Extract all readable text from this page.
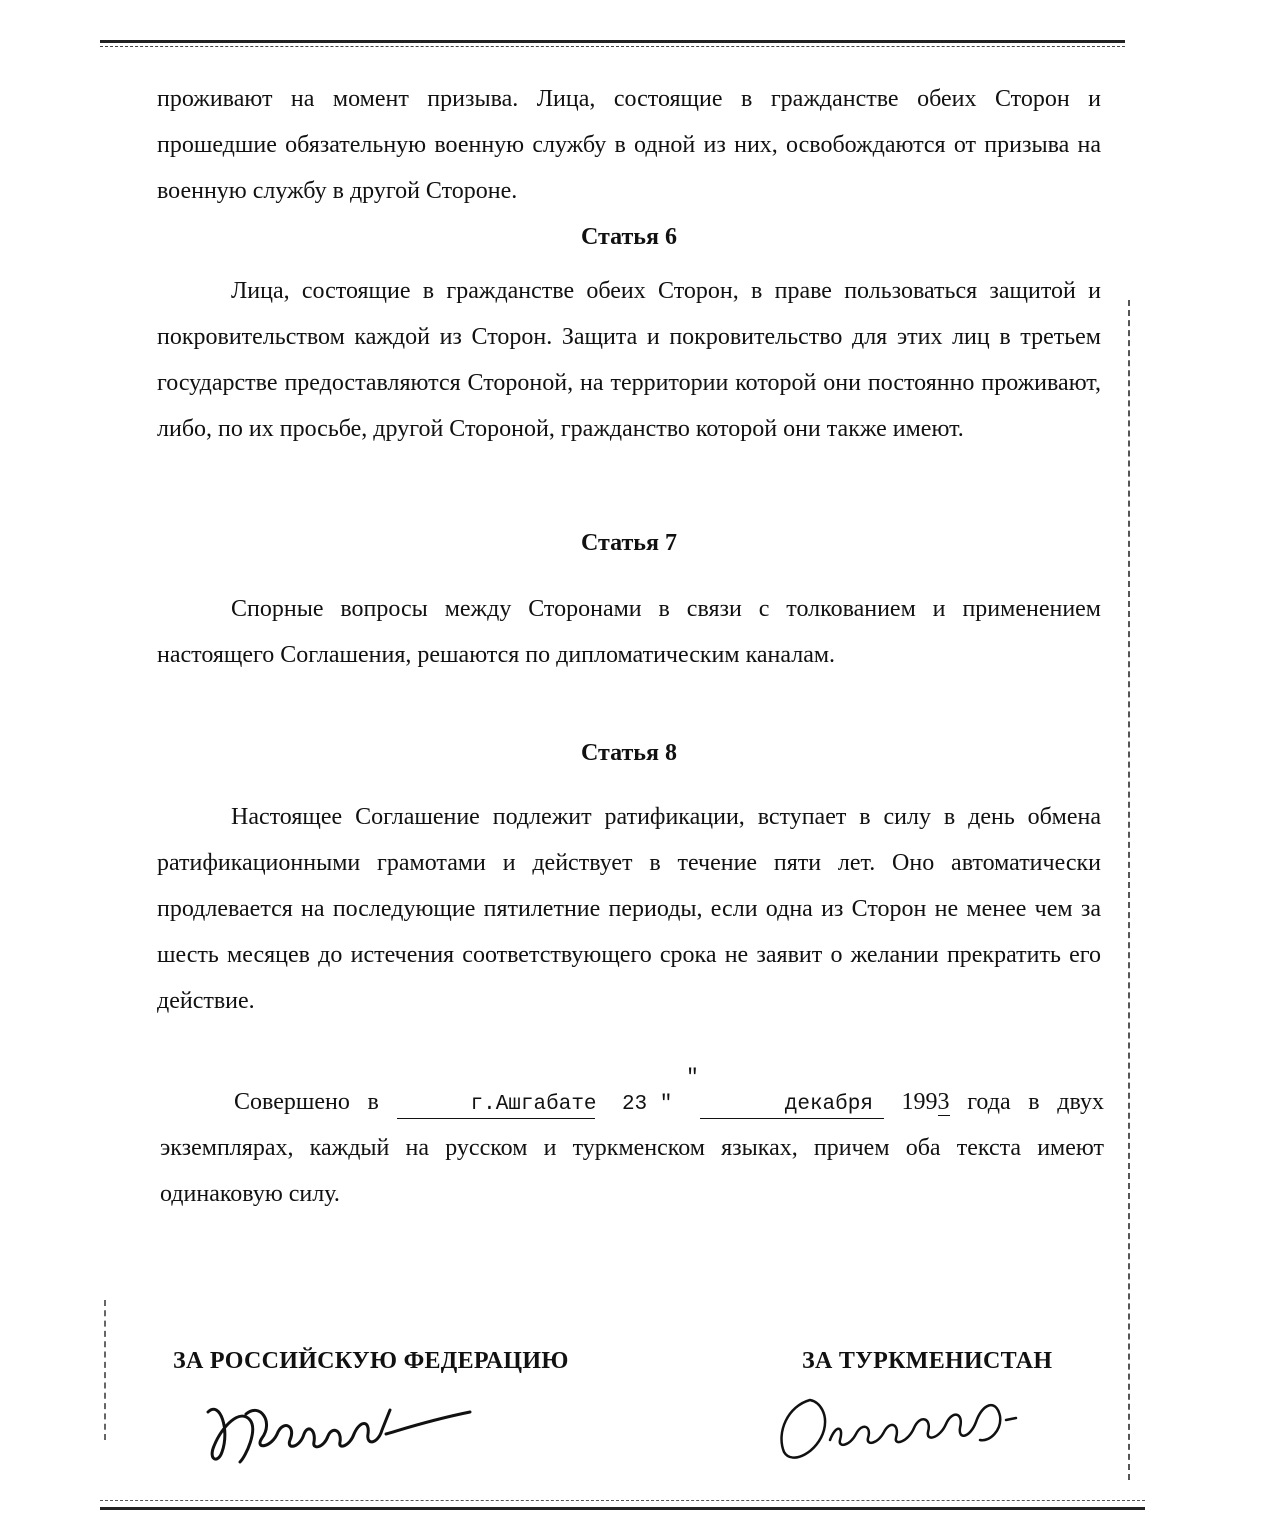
проживают на момент призыва. Лица, состоящие в гражданстве обеих Сторон и прошедшие обязательную военную службу в одной из них, освобождаются от призыва на военную службу в другой Стороне.
Статья 6
Лица, состоящие в гражданстве обеих Сторон, в праве пользоваться защитой и покровительством каждой из Сторон. Защита и покровительство для этих лиц в третьем государстве предоставляются Стороной, на территории которой они постоянно проживают, либо, по их просьбе, другой Стороной, гражданство которой они также имеют.
Статья 7
Спорные вопросы между Сторонами в связи с толкованием и применением настоящего Соглашения, решаются по дипломатическим каналам.
Статья 8
Настоящее Соглашение подлежит ратификации, вступает в силу в день обмена ратификационными грамотами и действует в течение пяти лет. Оно автоматически продлевается на последующие пятилетние периоды, если одна из Сторон не менее чем за шесть месяцев до истечения соответствующего срока не заявит о желании прекратить его действие.
Совершено в	г.Ашгабате " 23 "	декабря 1993 года в двух экземплярах, каждый на русском и туркменском языках, причем оба текста имеют одинаковую силу.
ЗА РОССИЙСКУЮ ФЕДЕРАЦИЮ	ЗА ТУРКМЕНИСТАН
